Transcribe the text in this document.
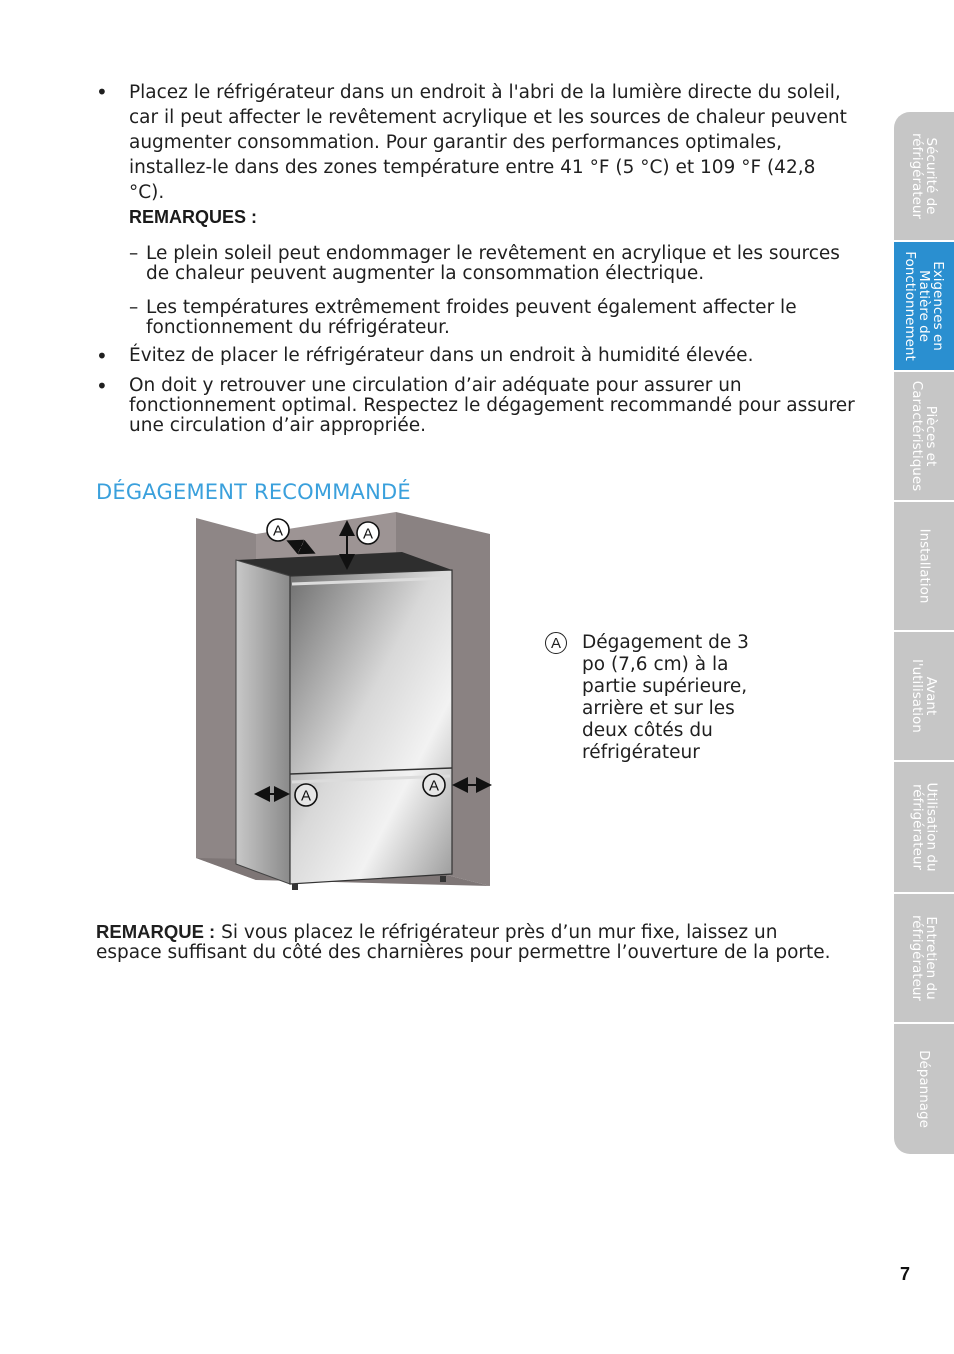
•	Placez le réfrigérateur dans un endroit à l'abri de la lumière directe du soleil, car il peut affecter le revêtement acrylique et les sources de chaleur peuvent augmenter consommation. Pour garantir des performances optimales, installez-le dans des zones température entre 41 °F (5 °C) et 109 °F (42,8 °C).
REMARQUES :
– Le plein soleil peut endommager le revêtement en acrylique et les sources de chaleur peuvent augmenter la consommation électrique.
– Les températures extrêmement froides peuvent également affecter le fonctionnement du réfrigérateur.
•	Évitez de placer le réfrigérateur dans un endroit à humidité élevée.
•	On doit y retrouver une circulation d’air adéquate pour assurer un fonctionnement optimal. Respectez le dégagement recommandé pour assurer une circulation d’air appropriée.
DÉGAGEMENT RECOMMANDÉ
A	A
A
A
A	Dégagement de 3 po (7,6 cm) à la partie supérieure, arrière et sur les deux côtés du réfrigérateur
REMARQUE : Si vous placez le réfrigérateur près d’un mur fixe, laissez un espace suffisant du côté des charnières pour permettre l’ouverture de la porte.
Sécurité de
réfrigérateur
Exigences en
Matière de
Fonctionnement
Pièces et
Caractéristiques
Installation
Avant
l'utilisation
Utilisation du
réfrigérateur
Entretien du
réfrigérateur
Dépannage
7
